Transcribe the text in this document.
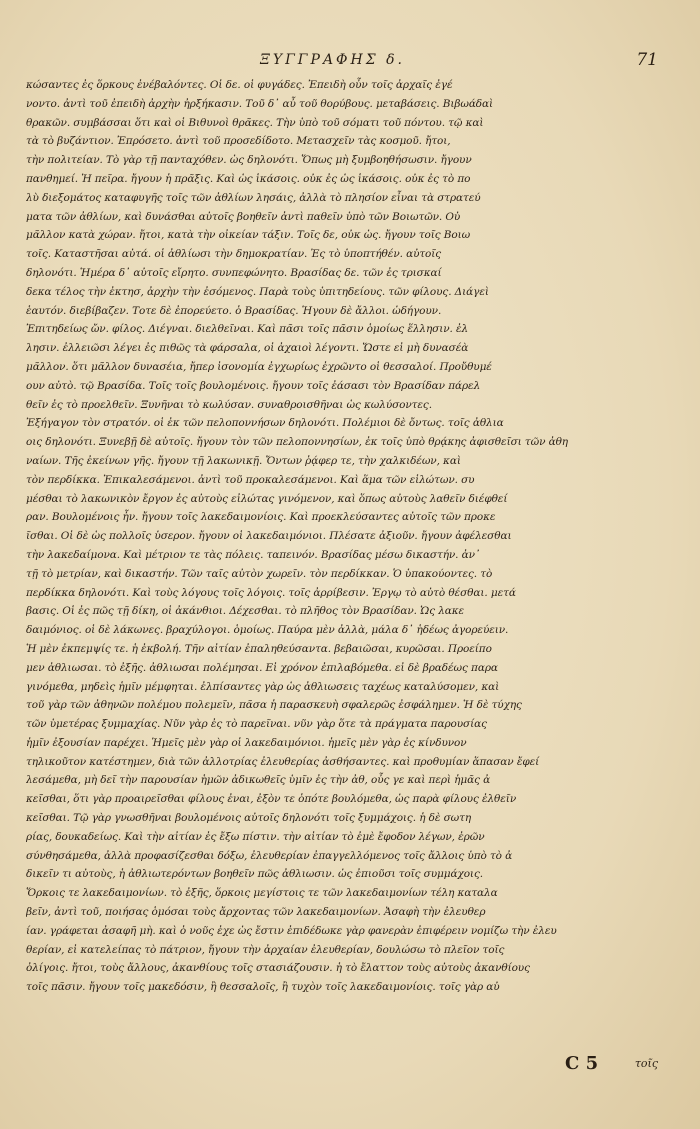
ΞΥΓΓΡΑΦΗΣ δ.	71
κώσαντες ἐς ὅρκους ἐνέβαλόντες. Οἱ δε. οἱ φυγάδες. Ἐπειδὴ οὖν τοῖς ἀρχαῖς ἐγέ
νοντο. ἀντὶ τοῦ ἐπειδὴ ἀρχὴν ἠρξήκασιν. Τοῦ δ᾽ αὖ τοῦ θορύβους. μεταβάσεις. Βιβωάδαὶ
θρακῶν. συμβάσσαι ὅτι καὶ οἱ Βιθυνοὶ θρᾶκες. Τὴν ὑπὸ τοῦ σόματι τοῦ πόντου. τῷ καὶ
τὰ τὸ βυζάντιον. Ἐπρόσετο. ἀντὶ τοῦ προσεδίδοτο. Μετασχεῖν τὰς κοσμοῦ. ἤτοι,
τὴν πολιτείαν. Τὸ γὰρ τῇ πανταχόθεν. ὡς δηλονότι. Ὅπως μὴ ξυμβοηθήσωσιν. ἤγουν
πανθημεί. Ἡ πεῖρα. ἤγουν ἡ πρᾶξις. Καὶ ὡς ἱκάσοις. οὐκ ἐς ὡς ἱκάσοις. οὐκ ἐς τὸ πο
λὺ διεξομάτος καταφυγῆς τοῖς τῶν ἀθλίων λησάις, ἀλλὰ τὸ πλησίον εἶναι τὰ στρατεύ
ματα τῶν ἀθλίων, καὶ δυνάσθαι αὐτοῖς βοηθεῖν ἀντὶ παθεῖν ὑπὸ τῶν Βοιωτῶν. Οὐ
μᾶλλον κατὰ χώραν. ἤτοι, κατὰ τὴν οἰκείαν τάξιν. Τοῖς δε, οὐκ ὡς. ἤγουν τοῖς Βοιω
τοῖς. Καταστῆσαι αὐτά. οἱ ἀθλίωσι τὴν δημοκρατίαν. Ἐς τὸ ὑποπτήθέν. αὐτοῖς
δηλονότι. Ἡμέρα δ᾽ αὐτοῖς εἴρητο. συνπεφώνητο. Βρασίδας δε. τῶν ἐς τρισκαί
δεκα τέλος τὴν ἐκτησ, ἀρχὴν τὴν ἐσόμενος. Παρὰ τοὺς ὑπιτηδείους. τῶν φίλους. Διάγεὶ
ἑαυτόν. διεβίβαζεν. Τοτε δὲ ἐπορεύετο. ὁ Βρασίδας. Ἡγουν δὲ ἄλλοι. ὡδήγουν.
Ἐπιτηδείως ὤν. φίλος. Διέγναι. διελθεῖναι. Καὶ πᾶσι τοῖς πᾶσιν ὁμοίως ἕλλησιν. ἐλ
λησιν. ἐλλειῶσι λέγει ἐς πιθῶς τὰ φάρσαλα, οἱ ἀχαιοὶ λέγοντι. Ὥστε εἰ μὴ δυνασέὰ
μᾶλλον. ὅτι μᾶλλον δυνασέια, ἤπερ ἰσονομία ἐγχωρίως ἐχρῶντο οἱ θεσσαλοί. Προὔθυμέ
ουν αὐτὸ. τῷ Βρασίδα. Τοῖς τοῖς βουλομένοις. ἤγουν τοῖς ἐάσασι τὸν Βρασίδαν πάρελ
θεῖν ἐς τὸ προελθεῖν. Ξυνῆναι τὸ κωλύσαν. συναθροισθῆναι ὡς κωλύσοντες.
Ἐξήγαγον τὸν στρατόν. οἱ ἐκ τῶν πελοποννήσων δηλονότι. Πολέμιοι δὲ ὄντως. τοῖς ἀθλια
οις δηλονότι. Ξυνεβῇ δὲ αὐτοῖς. ἤγουν τὸν τῶν πελοποννησίων, ἐκ τοῖς ὑπὸ θρᾴκης ἀφισθεῖσι τῶν ἀθη
ναίων. Τῆς ἐκείνων γῆς. ἤγουν τῇ λακωνικῇ. Ὄντων ῥᾴφερ τε, τὴν χαλκιδέων, καὶ
τὸν περδίκκα. Ἐπικαλεσάμενοι. ἀντὶ τοῦ προκαλεσάμενοι. Καὶ ἅμα τῶν εἱλώτων. συ
μέσθαι τὸ λακωνικὸν ἔργον ἐς αὐτοὺς εἰλώτας γινόμενον, καὶ ὅπως αὐτοὺς λαθεῖν διέφθεί
ραν. Βουλομένοις ἦν. ἤγουν τοῖς λακεδαιμονίοις. Καὶ προεκλεύσαντες αὐτοῖς τῶν προκε
ῖσθαι. Οἱ δὲ ὡς πολλοῖς ὑσερον. ἤγουν οἱ λακεδαιμόνιοι. Πλέσατε ἀξιοῦν. ἤγουν ἀφέλεσθαι
τὴν λακεδαίμονα. Καὶ μέτριον τε τὰς πόλεις. ταπεινόν. Βρασίδας μέσω δικαστήν. ἀν᾽
τῇ τὸ μετρίαν, καὶ δικαστήν. Τῶν ταῖς αὐτὸν χωρεῖν. τὸν περδίκκαν. Ὁ ὑπακούοντες. τὸ
περδίκκα δηλονότι. Καὶ τοὺς λόγους τοῖς λόγοις. τοῖς ἀρρίβεσιν. Ἐργῳ τὸ αὐτὸ θέσθαι. μετά
βασις. Οἱ ἐς πῶς τῇ δίκη, οἱ ἀκάνθιοι. Δέχεσθαι. τὸ πλῆθος τὸν Βρασίδαν. Ὡς λακε
δαιμόνιος. οἱ δὲ λάκωνες. βραχύλογοι. ὁμοίως. Παύρα μὲν ἀλλὰ, μάλα δ᾽ ἡδέως ἀγορεύειν.
Ἡ μὲν ἐκπεμψίς τε. ἡ ἐκβολή. Τῆν αἰτίαν ἐπαληθεύσαντα. βεβαιῶσαι, κυρῶσαι. Προείπο
μεν ἀθλιωσαι. τὸ ἐξῆς. ἀθλιωσαι πολέμησαι. Εἰ χρόνον ἐπιλαβόμεθα. εἰ δὲ βραδέως παρα
γινόμεθα, μηδεὶς ἡμῖν μέμφηται. ἐλπίσαντες γὰρ ὡς ἀθλιωσεις ταχέως καταλύσομεν, καὶ
τοῦ γὰρ τῶν ἀθηνῶν πολέμου πολεμεῖν, πᾶσα ἡ παρασκευὴ σφαλερῶς ἐσφάλημεν. Ἡ δὲ τύχης
τῶν ὑμετέρας ξυμμαχίας. Νῦν γὰρ ἐς τὸ παρεῖναι. νῦν γὰρ ὅτε τὰ πράγματα παρουσίας
ἡμῖν ἐξουσίαν παρέχει. Ἡμεῖς μὲν γὰρ οἱ λακεδαιμόνιοι. ἡμεῖς μὲν γὰρ ἐς κίνδυνον
τηλικοῦτον κατέστημεν, διὰ τῶν ἀλλοτρίας ἐλευθερίας ἀσθήσαντες. καὶ προθυμίαν ἅπασαν ἔφεί
λεσάμεθα, μὴ δεῖ τὴν παρουσίαν ἡμῶν ἀδικωθεῖς ὑμῖν ἐς τὴν ἀθ, οὖς γε καὶ περὶ ἡμᾶς ἀ
κεῖσθαι, ὅτι γὰρ προαιρεῖσθαι φίλους ἐναι, ἐξὸν τε ὁπότε βουλόμεθα, ὡς παρὰ φίλους ἐλθεῖν
κεῖσθαι. Τῷ γὰρ γνωσθῆναι βουλομένοις αὐτοῖς δηλονότι τοῖς ξυμμάχοις. ἡ δὲ σωτη
ρίας, δουκαδείως. Καὶ τὴν αἰτίαν ἐς ἔξω πίστιν. τὴν αἰτίαν τὸ ἐμὲ ἔφοδον λέγων, ἐρῶν
σύνθησάμεθα, ἀλλὰ προφασίζεσθαι δόξω, ἐλευθερίαν ἐπαγγελλόμενος τοῖς ἄλλοις ὑπὸ τὸ ἀ
δικεῖν τι αὐτοὺς, ἡ ἀθλιωτερόντων βοηθεῖν πῶς ἀθλιωσιν. ὡς ἐπιοῦσι τοῖς συμμάχοις.
Ὅρκοις τε λακεδαιμονίων. τὸ ἐξῆς, ὅρκοις μεγίστοις τε τῶν λακεδαιμονίων τέλη καταλα
βεῖν, ἀντὶ τοῦ, ποιήσας ὁμόσαι τοὺς ἄρχοντας τῶν λακεδαιμονίων. Ἀσαφὴ τὴν ἐλευθερ
ίαν. γράφεται ἀσαφῆ μὴ. καὶ ὁ νοῦς ἐχε ὡς ἔστιν ἐπιδέδωκε γὰρ φανερὰν ἐπιφέρειν νομίζω τὴν ἐλευ
θερίαν, εἰ κατελείπας τὸ πάτριον, ἤγουν τὴν ἀρχαίαν ἐλευθερίαν, δουλώσω τὸ πλεῖον τοῖς
ὀλίγοις. ἤτοι, τοὺς ἄλλους, ἀκανθίους τοῖς στασιάζουσιν. ἡ τὸ ἔλαττον τοὺς αὐτοὺς ἀκανθίους
τοῖς πᾶσιν. ἤγουν τοῖς μακεδόσιν, ἢ θεσσαλοῖς, ἢ τυχὸν τοῖς λακεδαιμονίοις. τοῖς γὰρ αὐ
C 5	τοῖς
